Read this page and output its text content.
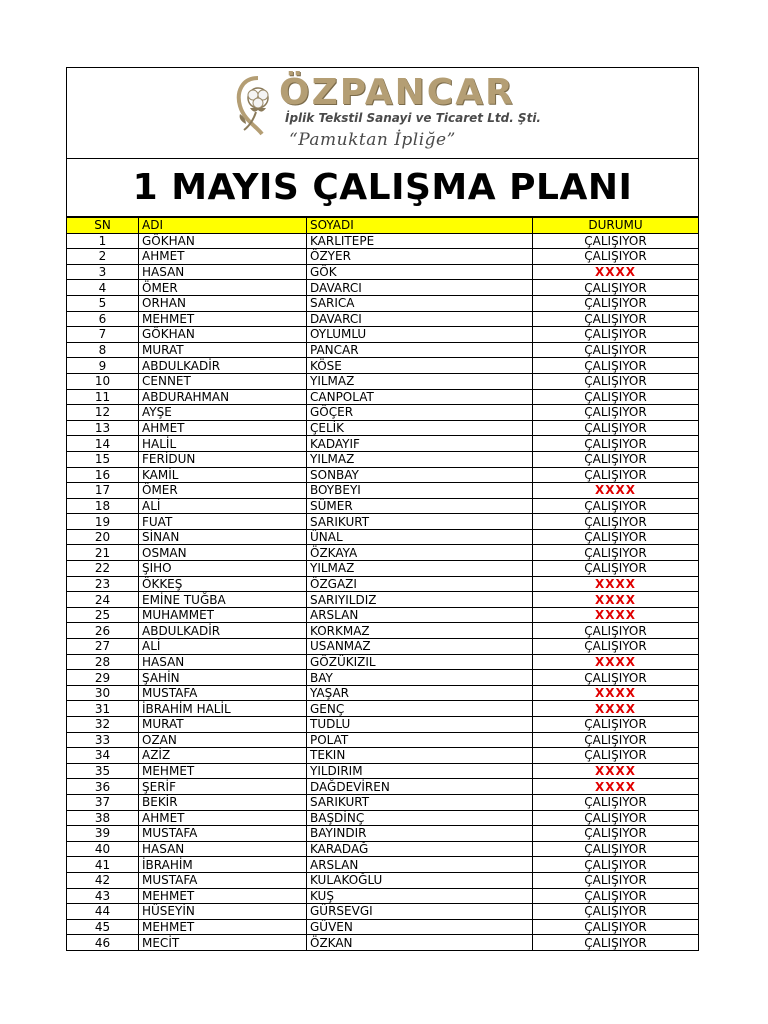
ÖZPANCAR
İplik Tekstil Sanayi ve Ticaret Ltd. Şti.
“Pamuktan İpliğe”
1 MAYIS ÇALIŞMA PLANI
SN	ADI	SOYADI	DURUMU
1	GÖKHAN	KARLITEPE	ÇALIŞIYOR
2	AHMET	ÖZYER	ÇALIŞIYOR
3	HASAN	GÖK	XXXX
4	ÖMER	DAVARCI	ÇALIŞIYOR
5	ORHAN	SARICA	ÇALIŞIYOR
6	MEHMET	DAVARCI	ÇALIŞIYOR
7	GÖKHAN	OYLUMLU	ÇALIŞIYOR
8	MURAT	PANCAR	ÇALIŞIYOR
9	ABDULKADİR	KÖSE	ÇALIŞIYOR
10	CENNET	YILMAZ	ÇALIŞIYOR
11	ABDURAHMAN	CANPOLAT	ÇALIŞIYOR
12	AYŞE	GÖÇER	ÇALIŞIYOR
13	AHMET	ÇELİK	ÇALIŞIYOR
14	HALİL	KADAYIF	ÇALIŞIYOR
15	FERİDUN	YILMAZ	ÇALIŞIYOR
16	KAMİL	SONBAY	ÇALIŞIYOR
17	ÖMER	BOYBEYI	XXXX
18	ALİ	SÜMER	ÇALIŞIYOR
19	FUAT	SARIKURT	ÇALIŞIYOR
20	SİNAN	ÜNAL	ÇALIŞIYOR
21	OSMAN	ÖZKAYA	ÇALIŞIYOR
22	ŞIHO	YILMAZ	ÇALIŞIYOR
23	ÖKKEŞ	ÖZGAZI	XXXX
24	EMİNE TUĞBA	SARIYILDIZ	XXXX
25	MUHAMMET	ARSLAN	XXXX
26	ABDULKADİR	KORKMAZ	ÇALIŞIYOR
27	ALİ	USANMAZ	ÇALIŞIYOR
28	HASAN	GÖZÜKIZIL	XXXX
29	ŞAHİN	BAY	ÇALIŞIYOR
30	MUSTAFA	YAŞAR	XXXX
31	İBRAHİM HALİL	GENÇ	XXXX
32	MURAT	TUDLU	ÇALIŞIYOR
33	OZAN	POLAT	ÇALIŞIYOR
34	AZİZ	TEKIN	ÇALIŞIYOR
35	MEHMET	YILDIRIM	XXXX
36	ŞERİF	DAĞDEVİREN	XXXX
37	BEKİR	SARIKURT	ÇALIŞIYOR
38	AHMET	BAŞDİNÇ	ÇALIŞIYOR
39	MUSTAFA	BAYINDIR	ÇALIŞIYOR
40	HASAN	KARADAĞ	ÇALIŞIYOR
41	İBRAHİM	ARSLAN	ÇALIŞIYOR
42	MUSTAFA	KULAKOĞLU	ÇALIŞIYOR
43	MEHMET	KUŞ	ÇALIŞIYOR
44	HÜSEYİN	GÜRSEVGI	ÇALIŞIYOR
45	MEHMET	GÜVEN	ÇALIŞIYOR
46	MECİT	ÖZKAN	ÇALIŞIYOR
